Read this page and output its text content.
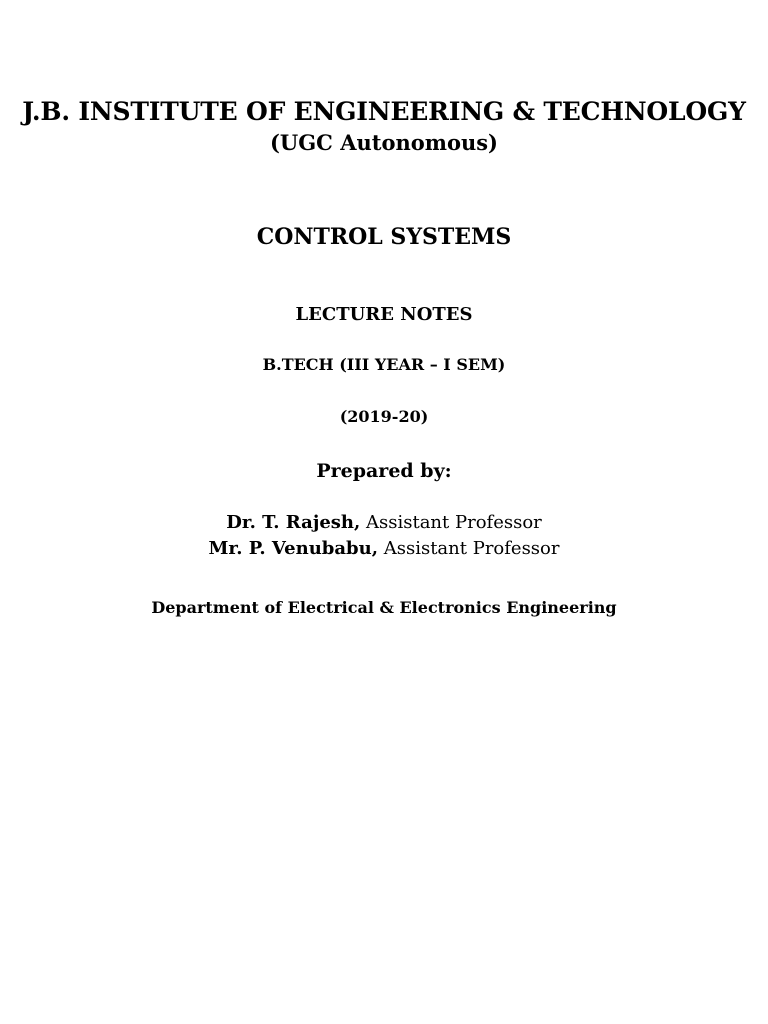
J.B. INSTITUTE OF ENGINEERING & TECHNOLOGY
(UGC Autonomous)
CONTROL SYSTEMS
LECTURE NOTES
B.TECH (III YEAR – I SEM)
(2019-20)
Prepared by:
Dr. T. Rajesh, Assistant Professor
Mr. P. Venubabu, Assistant Professor
Department of Electrical & Electronics Engineering
